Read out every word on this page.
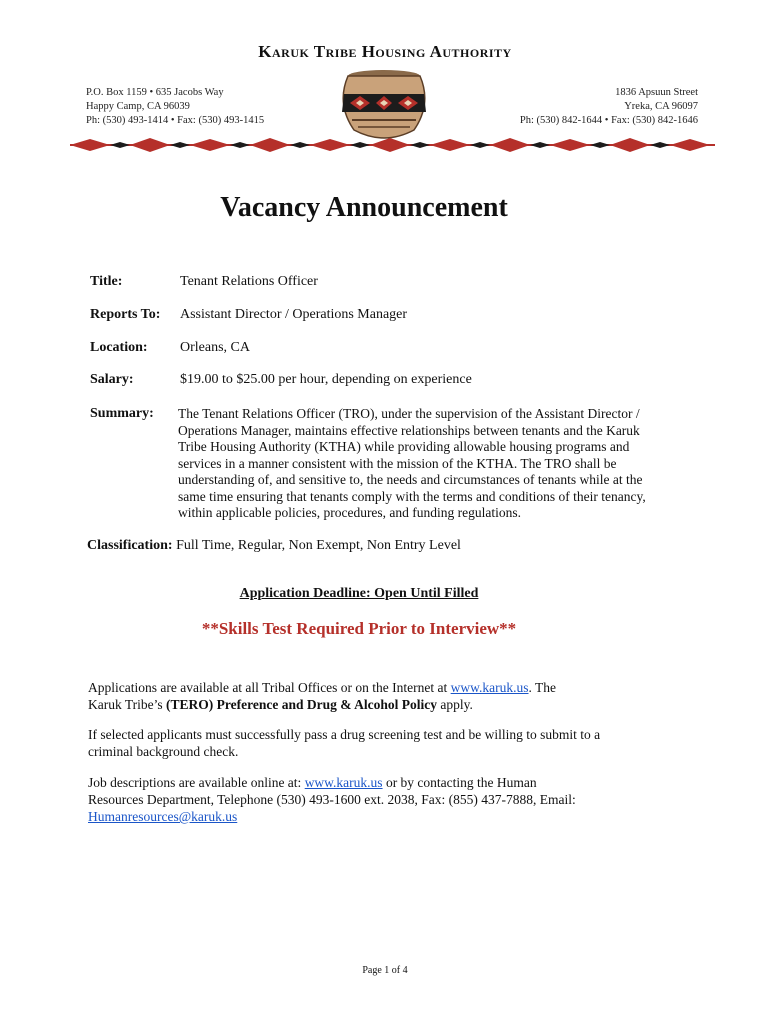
Karuk Tribe Housing Authority
P.O. Box 1159 • 635 Jacobs Way
Happy Camp, CA 96039
Ph: (530) 493-1414 • Fax: (530) 493-1415
1836 Apsuun Street
Yreka, CA 96097
Ph: (530) 842-1644 • Fax: (530) 842-1646
Vacancy Announcement
Title:	Tenant Relations Officer
Reports To: Assistant Director / Operations Manager
Location: Orleans, CA
Salary:	$19.00 to $25.00 per hour, depending on experience
Summary: The Tenant Relations Officer (TRO), under the supervision of the Assistant Director /
Operations Manager, maintains effective relationships between tenants and the Karuk
Tribe Housing Authority (KTHA) while providing allowable housing programs and
services in a manner consistent with the mission of the KTHA. The TRO shall be
understanding of, and sensitive to, the needs and circumstances of tenants while at the
same time ensuring that tenants comply with the terms and conditions of their tenancy,
within applicable policies, procedures, and funding regulations.
Classification: Full Time, Regular, Non Exempt, Non Entry Level
Application Deadline: Open Until Filled
**Skills Test Required Prior to Interview**
Applications are available at all Tribal Offices or on the Internet at www.karuk.us. The
Karuk Tribe’s (TERO) Preference and Drug & Alcohol Policy apply.
If selected applicants must successfully pass a drug screening test and be willing to submit to a
criminal background check.
Job descriptions are available online at: www.karuk.us or by contacting the Human
Resources Department, Telephone (530) 493-1600 ext. 2038, Fax: (855) 437-7888, Email:
Humanresources@karuk.us
Page 1 of 4
